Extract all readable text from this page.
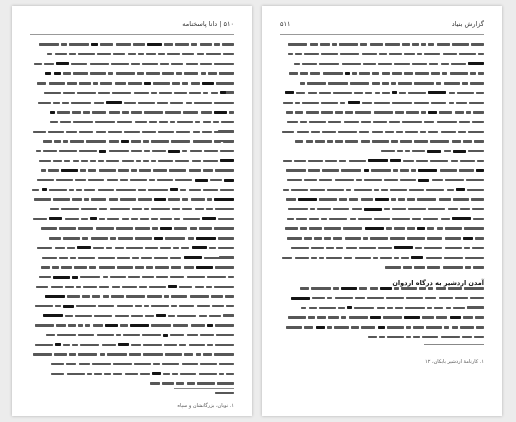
۵۱۰ | دانا پاسخنامه
۱. نوبان، بزرگانشان و سپاه
گزارش بنیاد
۵۱۱
آمدن اردشیر به درگاه اردوان
۱. کارنامهٔ اردشیر بابکان، ۱۲
